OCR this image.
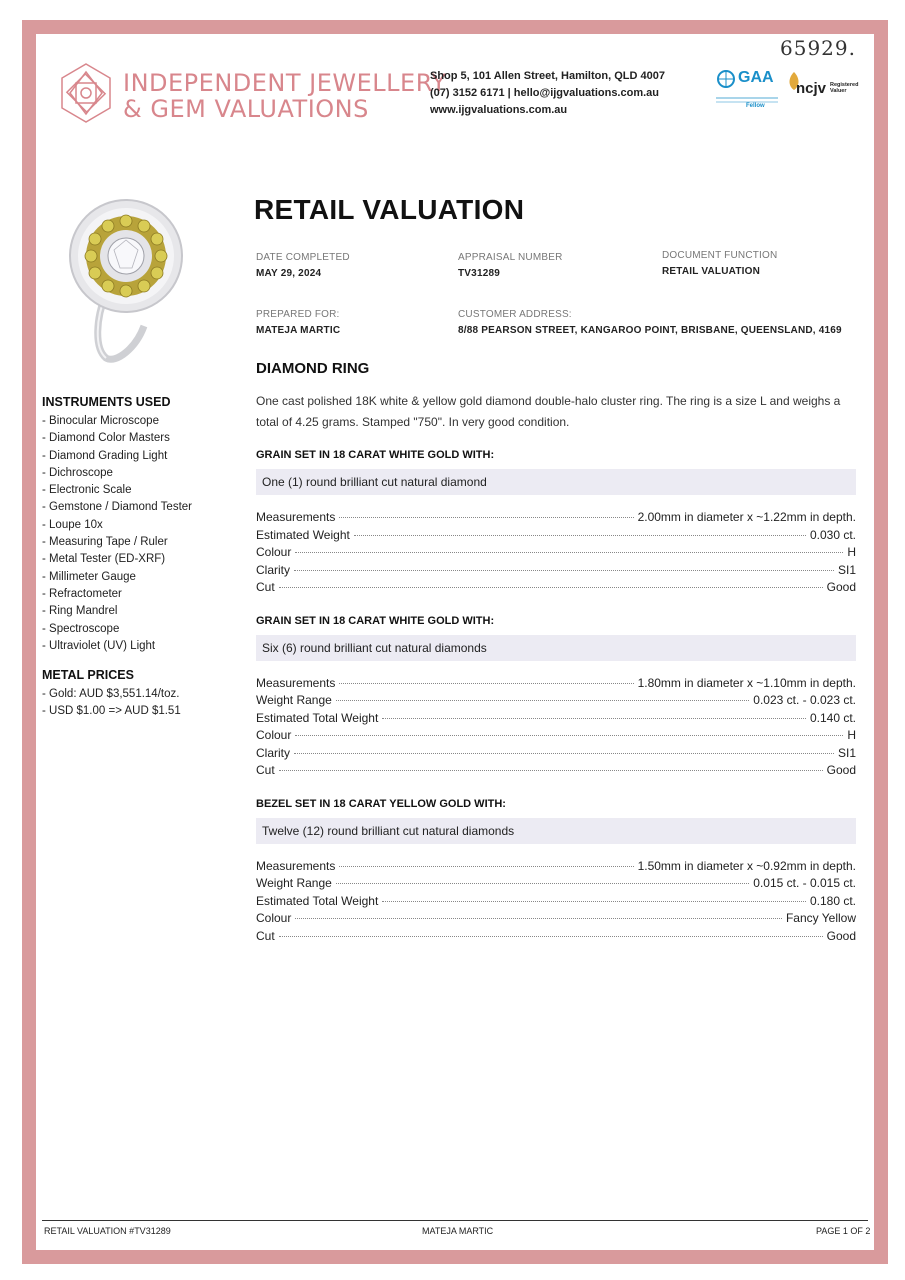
65929.
INDEPENDENT JEWELLERY
& GEM VALUATIONS
Shop 5, 101 Allen Street, Hamilton, QLD 4007
(07) 3152 6171 | hello@ijgvaluations.com.au
www.ijgvaluations.com.au
GAA
Fellow
ncjv Registered Valuer
RETAIL VALUATION
DATE COMPLETED
MAY 29, 2024
APPRAISAL NUMBER
TV31289
DOCUMENT FUNCTION
RETAIL VALUATION
PREPARED FOR:
MATEJA MARTIC
CUSTOMER ADDRESS:
8/88 PEARSON STREET, KANGAROO POINT, BRISBANE, QUEENSLAND, 4169
INSTRUMENTS USED
- Binocular Microscope
- Diamond Color Masters
- Diamond Grading Light
- Dichroscope
- Electronic Scale
- Gemstone / Diamond Tester
- Loupe 10x
- Measuring Tape / Ruler
- Metal Tester (ED-XRF)
- Millimeter Gauge
- Refractometer
- Ring Mandrel
- Spectroscope
- Ultraviolet (UV) Light
METAL PRICES
- Gold: AUD $3,551.14/toz.
- USD $1.00 => AUD $1.51
DIAMOND RING
One cast polished 18K white & yellow gold diamond double-halo cluster ring. The ring is a size L and weighs a total of 4.25 grams. Stamped "750". In very good condition.
GRAIN SET IN 18 CARAT WHITE GOLD WITH:
One (1) round brilliant cut natural diamond
Measurements	2.00mm in diameter x ~1.22mm in depth.
Estimated Weight	0.030 ct.
Colour	H
Clarity	SI1
Cut	Good
GRAIN SET IN 18 CARAT WHITE GOLD WITH:
Six (6) round brilliant cut natural diamonds
Measurements	1.80mm in diameter x ~1.10mm in depth.
Weight Range	0.023 ct. - 0.023 ct.
Estimated Total Weight	0.140 ct.
Colour	H
Clarity	SI1
Cut	Good
BEZEL SET IN 18 CARAT YELLOW GOLD WITH:
Twelve (12) round brilliant cut natural diamonds
Measurements	1.50mm in diameter x ~0.92mm in depth.
Weight Range	0.015 ct. - 0.015 ct.
Estimated Total Weight	0.180 ct.
Colour	Fancy Yellow
Cut	Good
RETAIL VALUATION #TV31289	MATEJA MARTIC	PAGE 1 OF 2
